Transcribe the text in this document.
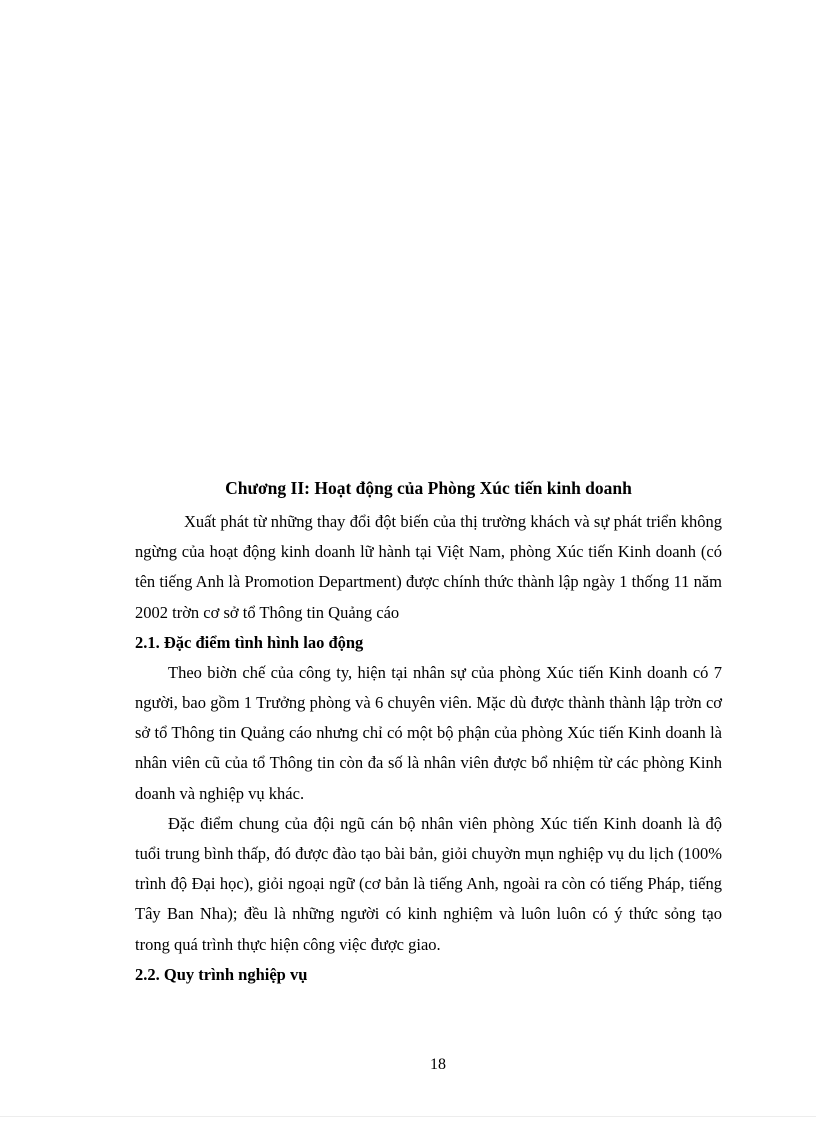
Chương II: Hoạt động của Phòng Xúc tiến kinh doanh

Xuất phát từ những thay đổi đột biến của thị trường khách và sự phát triển không ngừng của hoạt động kinh doanh lữ hành tại Việt Nam, phòng Xúc tiến Kinh doanh (có tên tiếng Anh là Promotion Department) được chính thức thành lập ngày 1 thống 11 năm 2002 trờn cơ sở tổ Thông tin Quảng cáo

2.1. Đặc điểm tình hình lao động

Theo biờn chế của công ty, hiện tại nhân sự của phòng Xúc tiến Kinh doanh có 7 người, bao gồm 1 Trưởng phòng và 6 chuyên viên. Mặc dù được thành thành lập trờn cơ sở tổ Thông tin Quảng cáo nhưng chỉ có một bộ phận của phòng Xúc tiến Kinh doanh là nhân viên cũ của tổ Thông tin còn đa số là nhân viên được bổ nhiệm từ các phòng Kinh doanh và nghiệp vụ khác.

Đặc điểm chung của đội ngũ cán bộ nhân viên phòng Xúc tiến Kinh doanh là độ tuổi trung bình thấp, đó được đào tạo bài bản, giỏi chuyờn mụn nghiệp vụ du lịch (100% trình độ Đại học), giỏi ngoại ngữ (cơ bản là tiếng Anh, ngoài ra còn có tiếng Pháp, tiếng Tây Ban Nha); đều là những người có kinh nghiệm và luôn luôn có ý thức sỏng tạo trong quá trình thực hiện công việc được giao.

2.2. Quy trình nghiệp vụ
18
